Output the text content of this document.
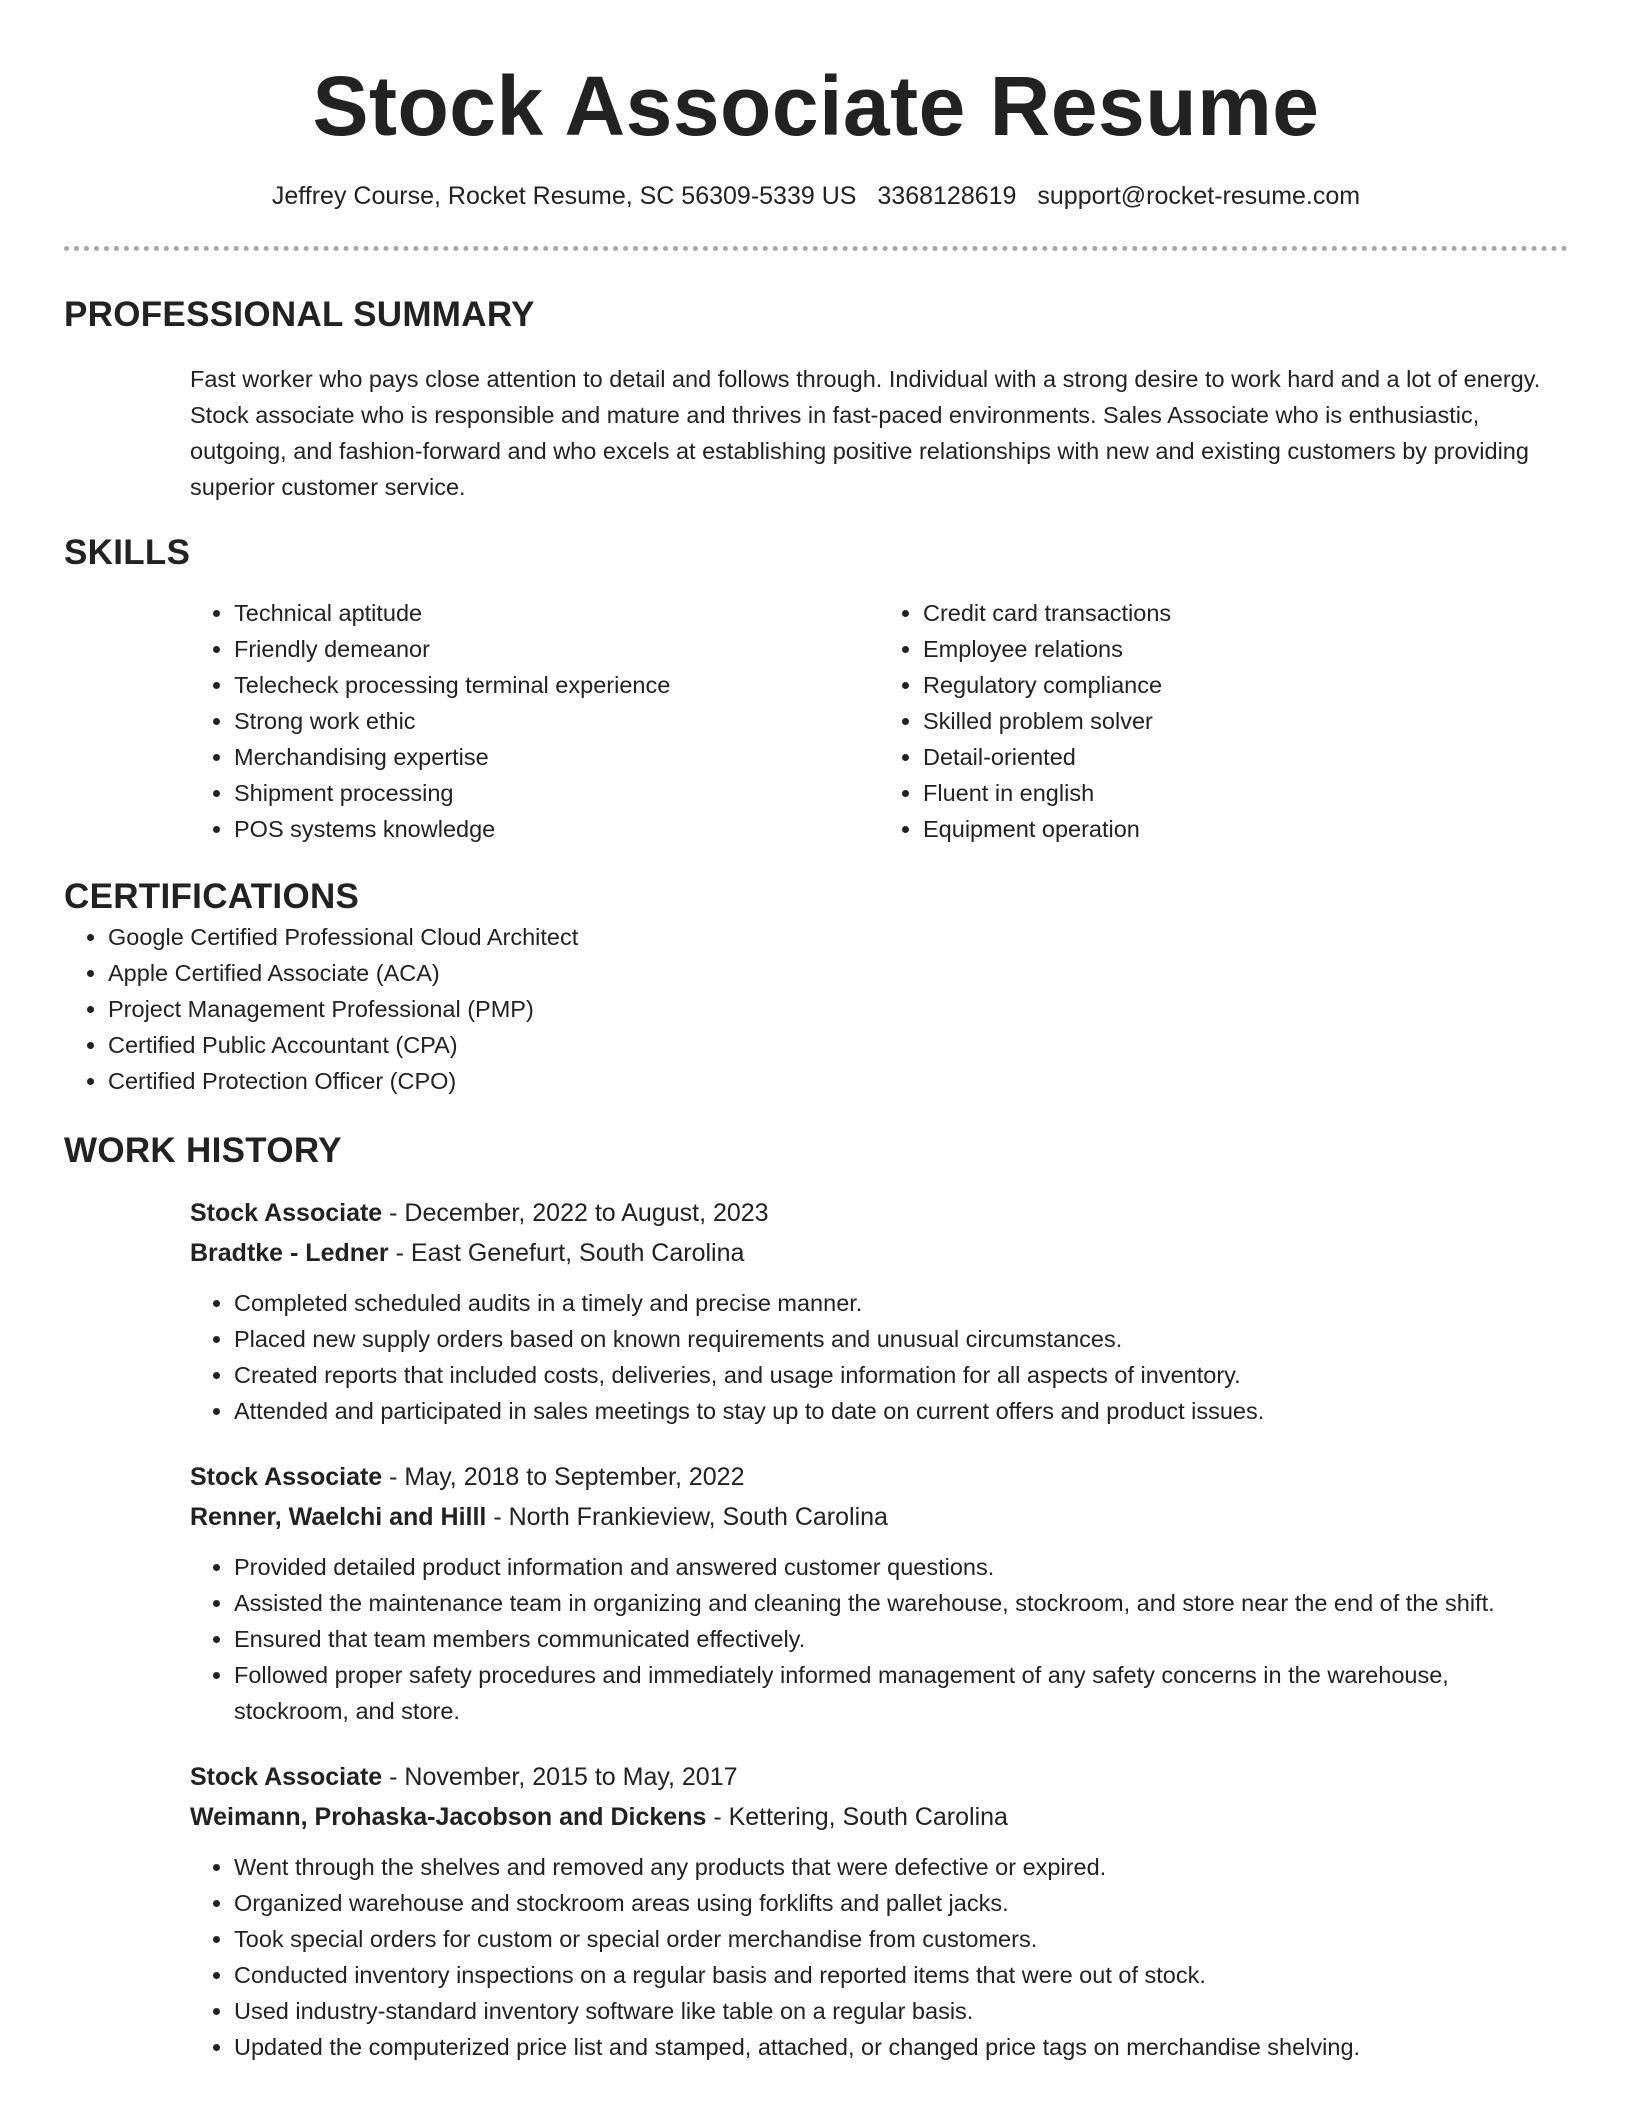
Stock Associate Resume
Jeffrey Course, Rocket Resume, SC 56309-5339 US 3368128619 support@rocket-resume.com
PROFESSIONAL SUMMARY

Fast worker who pays close attention to detail and follows through. Individual with a strong desire to work hard and a lot of energy. Stock associate who is responsible and mature and thrives in fast-paced environments. Sales Associate who is enthusiastic, outgoing, and fashion-forward and who excels at establishing positive relationships with new and existing customers by providing superior customer service.

SKILLS
• Technical aptitude
• Friendly demeanor
• Telecheck processing terminal experience
• Strong work ethic
• Merchandising expertise
• Shipment processing
• POS systems knowledge
• Credit card transactions
• Employee relations
• Regulatory compliance
• Skilled problem solver
• Detail-oriented
• Fluent in english
• Equipment operation
CERTIFICATIONS
• Google Certified Professional Cloud Architect
• Apple Certified Associate (ACA)
• Project Management Professional (PMP)
• Certified Public Accountant (CPA)
• Certified Protection Officer (CPO)
WORK HISTORY
Stock Associate - December, 2022 to August, 2023
Bradtke - Ledner - East Genefurt, South Carolina
• Completed scheduled audits in a timely and precise manner.
• Placed new supply orders based on known requirements and unusual circumstances.
• Created reports that included costs, deliveries, and usage information for all aspects of inventory.
• Attended and participated in sales meetings to stay up to date on current offers and product issues.
Stock Associate - May, 2018 to September, 2022
Renner, Waelchi and Hilll - North Frankieview, South Carolina
• Provided detailed product information and answered customer questions.
• Assisted the maintenance team in organizing and cleaning the warehouse, stockroom, and store near the end of the shift.
• Ensured that team members communicated effectively.
• Followed proper safety procedures and immediately informed management of any safety concerns in the warehouse, stockroom, and store.
Stock Associate - November, 2015 to May, 2017
Weimann, Prohaska-Jacobson and Dickens - Kettering, South Carolina
• Went through the shelves and removed any products that were defective or expired.
• Organized warehouse and stockroom areas using forklifts and pallet jacks.
• Took special orders for custom or special order merchandise from customers.
• Conducted inventory inspections on a regular basis and reported items that were out of stock.
• Used industry-standard inventory software like table on a regular basis.
• Updated the computerized price list and stamped, attached, or changed price tags on merchandise shelving.
